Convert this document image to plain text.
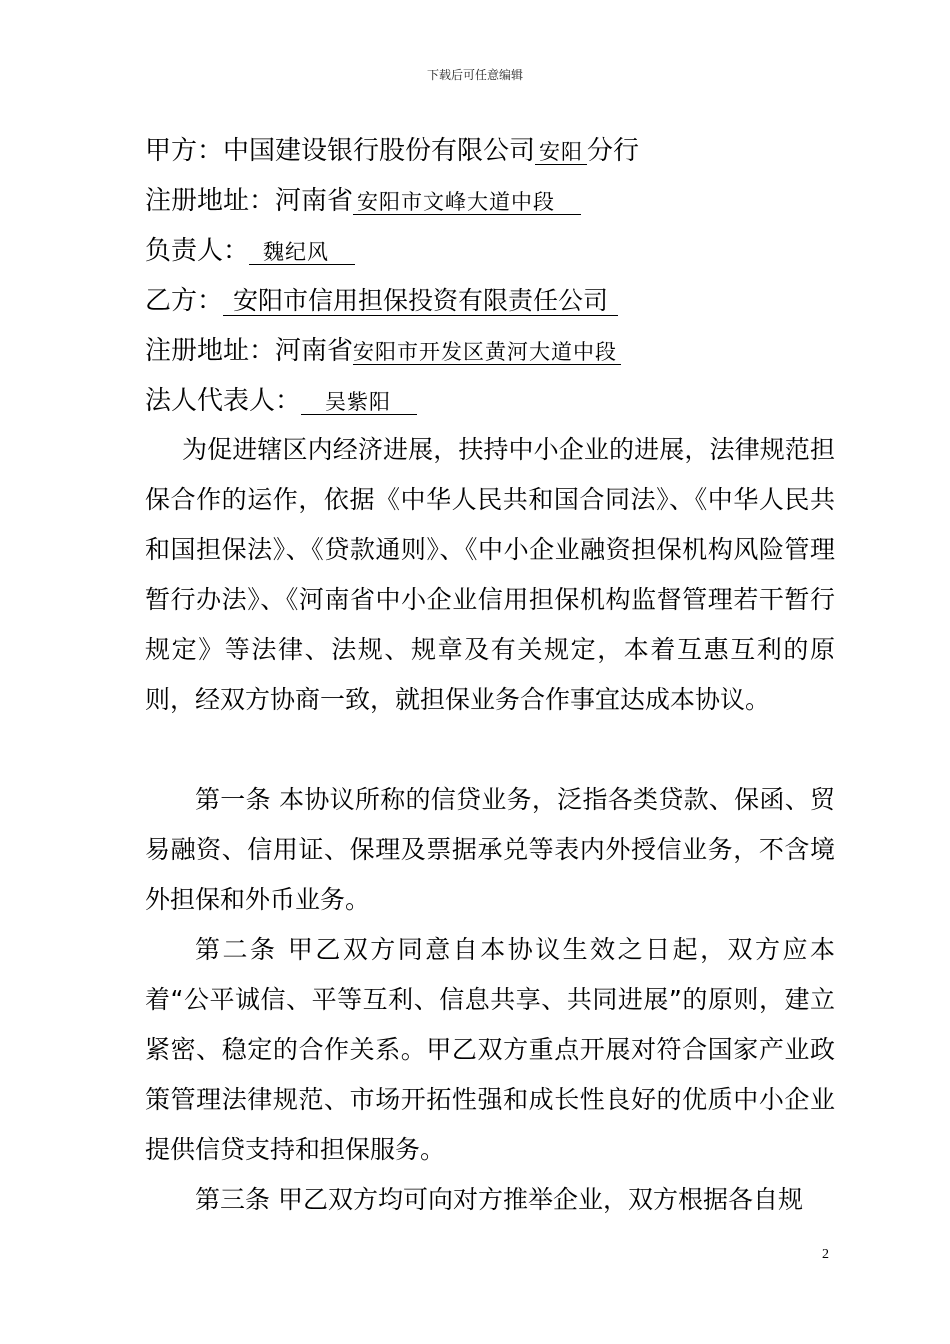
下载后可任意编辑
甲方：中国建设银行股份有限公司 安阳 分行
注册地址：河南省 安阳市文峰大道中段
负责人： 魏纪风
乙方： 安阳市信用担保投资有限责任公司
注册地址：河南省安阳市开发区黄河大道中段
法人代表人： 吴紫阳

为促进辖区内经济进展，扶持中小企业的进展，法律规范担保合作的运作，依据《中华人民共和国合同法》、《中华人民共和国担保法》、《贷款通则》、《中小企业融资担保机构风险管理暂行办法》、《河南省中小企业信用担保机构监督管理若干暂行规定》等法律、法规、规章及有关规定，本着互惠互利的原则，经双方协商一致，就担保业务合作事宜达成本协议。

第一条 本协议所称的信贷业务，泛指各类贷款、保函、贸易融资、信用证、保理及票据承兑等表内外授信业务，不含境外担保和外币业务。

第二条 甲乙双方同意自本协议生效之日起，双方应本着“公平诚信、平等互利、信息共享、共同进展”的原则，建立紧密、稳定的合作关系。甲乙双方重点开展对符合国家产业政策管理法律规范、市场开拓性强和成长性良好的优质中小企业提供信贷支持和担保服务。

第三条 甲乙双方均可向对方推举企业，双方根据各自规

2
